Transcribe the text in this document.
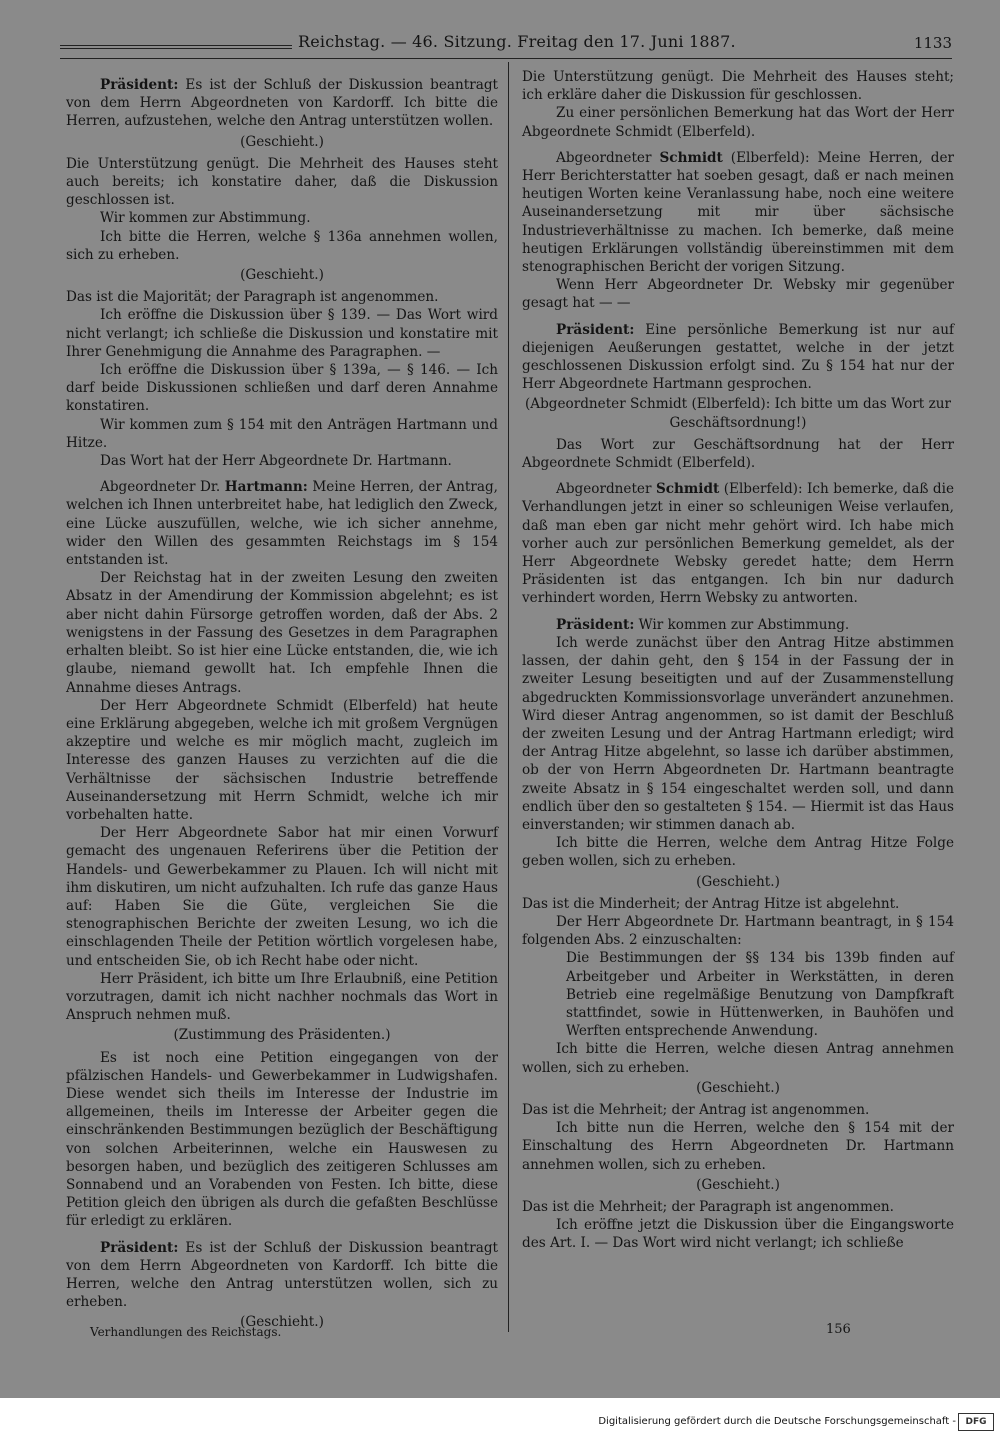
Reichstag. — 46. Sitzung. Freitag den 17. Juni 1887.	1133

Präsident: Es ist der Schluß der Diskussion beantragt von dem Herrn Abgeordneten von Kardorff. Ich bitte die Herren, aufzustehen, welche den Antrag unterstützen wollen.

(Geschieht.)

Die Unterstützung genügt. Die Mehrheit des Hauses steht auch bereits; ich konstatire daher, daß die Diskussion geschlossen ist.

Wir kommen zur Abstimmung.

Ich bitte die Herren, welche § 136a annehmen wollen, sich zu erheben.

(Geschieht.)

Das ist die Majorität; der Paragraph ist angenommen.

Ich eröffne die Diskussion über § 139. — Das Wort wird nicht verlangt; ich schließe die Diskussion und konstatire mit Ihrer Genehmigung die Annahme des Paragraphen. —

Ich eröffne die Diskussion über § 139a, — § 146. — Ich darf beide Diskussionen schließen und darf deren Annahme konstatiren.

Wir kommen zum § 154 mit den Anträgen Hartmann und Hitze.

Das Wort hat der Herr Abgeordnete Dr. Hartmann.

Abgeordneter Dr. Hartmann: Meine Herren, der Antrag, welchen ich Ihnen unterbreitet habe, hat lediglich den Zweck, eine Lücke auszufüllen, welche, wie ich sicher annehme, wider den Willen des gesammten Reichstags im § 154 entstanden ist.

Der Reichstag hat in der zweiten Lesung den zweiten Absatz in der Amendirung der Kommission abgelehnt; es ist aber nicht dahin Fürsorge getroffen worden, daß der Abs. 2 wenigstens in der Fassung des Gesetzes in dem Paragraphen erhalten bleibt. So ist hier eine Lücke entstanden, die, wie ich glaube, niemand gewollt hat. Ich empfehle Ihnen die Annahme dieses Antrags.

Der Herr Abgeordnete Schmidt (Elberfeld) hat heute eine Erklärung abgegeben, welche ich mit großem Vergnügen akzeptire und welche es mir möglich macht, zugleich im Interesse des ganzen Hauses zu verzichten auf die die Verhältnisse der sächsischen Industrie betreffende Auseinandersetzung mit Herrn Schmidt, welche ich mir vorbehalten hatte.

Der Herr Abgeordnete Sabor hat mir einen Vorwurf gemacht des ungenauen Referirens über die Petition der Handels- und Gewerbekammer zu Plauen. Ich will nicht mit ihm diskutiren, um nicht aufzuhalten. Ich rufe das ganze Haus auf: Haben Sie die Güte, vergleichen Sie die stenographischen Berichte der zweiten Lesung, wo ich die einschlagenden Theile der Petition wörtlich vorgelesen habe, und entscheiden Sie, ob ich Recht habe oder nicht.

Herr Präsident, ich bitte um Ihre Erlaubniß, eine Petition vorzutragen, damit ich nicht nachher nochmals das Wort in Anspruch nehmen muß.

(Zustimmung des Präsidenten.)

Es ist noch eine Petition eingegangen von der pfälzischen Handels- und Gewerbekammer in Ludwigshafen. Diese wendet sich theils im Interesse der Industrie im allgemeinen, theils im Interesse der Arbeiter gegen die einschränkenden Bestimmungen bezüglich der Beschäftigung von solchen Arbeiterinnen, welche ein Hauswesen zu besorgen haben, und bezüglich des zeitigeren Schlusses am Sonnabend und an Vorabenden von Festen. Ich bitte, diese Petition gleich den übrigen als durch die gefaßten Beschlüsse für erledigt zu erklären.

Präsident: Es ist der Schluß der Diskussion beantragt von dem Herrn Abgeordneten von Kardorff. Ich bitte die Herren, welche den Antrag unterstützen wollen, sich zu erheben.

(Geschieht.)

Die Unterstützung genügt. Die Mehrheit des Hauses steht; ich erkläre daher die Diskussion für geschlossen.

Zu einer persönlichen Bemerkung hat das Wort der Herr Abgeordnete Schmidt (Elberfeld).

Abgeordneter Schmidt (Elberfeld): Meine Herren, der Herr Berichterstatter hat soeben gesagt, daß er nach meinen heutigen Worten keine Veranlassung habe, noch eine weitere Auseinandersetzung mit mir über sächsische Industrieverhältnisse zu machen. Ich bemerke, daß meine heutigen Erklärungen vollständig übereinstimmen mit dem stenographischen Bericht der vorigen Sitzung.

Wenn Herr Abgeordneter Dr. Websky mir gegenüber gesagt hat — —

Präsident: Eine persönliche Bemerkung ist nur auf diejenigen Aeußerungen gestattet, welche in der jetzt geschlossenen Diskussion erfolgt sind. Zu § 154 hat nur der Herr Abgeordnete Hartmann gesprochen.

(Abgeordneter Schmidt (Elberfeld): Ich bitte um das Wort zur Geschäftsordnung!)

Das Wort zur Geschäftsordnung hat der Herr Abgeordnete Schmidt (Elberfeld).

Abgeordneter Schmidt (Elberfeld): Ich bemerke, daß die Verhandlungen jetzt in einer so schleunigen Weise verlaufen, daß man eben gar nicht mehr gehört wird. Ich habe mich vorher auch zur persönlichen Bemerkung gemeldet, als der Herr Abgeordnete Websky geredet hatte; dem Herrn Präsidenten ist das entgangen. Ich bin nur dadurch verhindert worden, Herrn Websky zu antworten.

Präsident: Wir kommen zur Abstimmung.

Ich werde zunächst über den Antrag Hitze abstimmen lassen, der dahin geht, den § 154 in der Fassung der in zweiter Lesung beseitigten und auf der Zusammenstellung abgedruckten Kommissionsvorlage unverändert anzunehmen. Wird dieser Antrag angenommen, so ist damit der Beschluß der zweiten Lesung und der Antrag Hartmann erledigt; wird der Antrag Hitze abgelehnt, so lasse ich darüber abstimmen, ob der von Herrn Abgeordneten Dr. Hartmann beantragte zweite Absatz in § 154 eingeschaltet werden soll, und dann endlich über den so gestalteten § 154. — Hiermit ist das Haus einverstanden; wir stimmen danach ab.

Ich bitte die Herren, welche dem Antrag Hitze Folge geben wollen, sich zu erheben.

(Geschieht.)

Das ist die Minderheit; der Antrag Hitze ist abgelehnt.

Der Herr Abgeordnete Dr. Hartmann beantragt, in § 154 folgenden Abs. 2 einzuschalten:

Die Bestimmungen der §§ 134 bis 139b finden auf Arbeitgeber und Arbeiter in Werkstätten, in deren Betrieb eine regelmäßige Benutzung von Dampfkraft stattfindet, sowie in Hüttenwerken, in Bauhöfen und Werften entsprechende Anwendung.

Ich bitte die Herren, welche diesen Antrag annehmen wollen, sich zu erheben.

(Geschieht.)

Das ist die Mehrheit; der Antrag ist angenommen.

Ich bitte nun die Herren, welche den § 154 mit der Einschaltung des Herrn Abgeordneten Dr. Hartmann annehmen wollen, sich zu erheben.

(Geschieht.)

Das ist die Mehrheit; der Paragraph ist angenommen.

Ich eröffne jetzt die Diskussion über die Eingangsworte des Art. I. — Das Wort wird nicht verlangt; ich schließe

Verhandlungen des Reichstags.	156
Digitalisierung gefördert durch die Deutsche Forschungsgemeinschaft -	DFG
